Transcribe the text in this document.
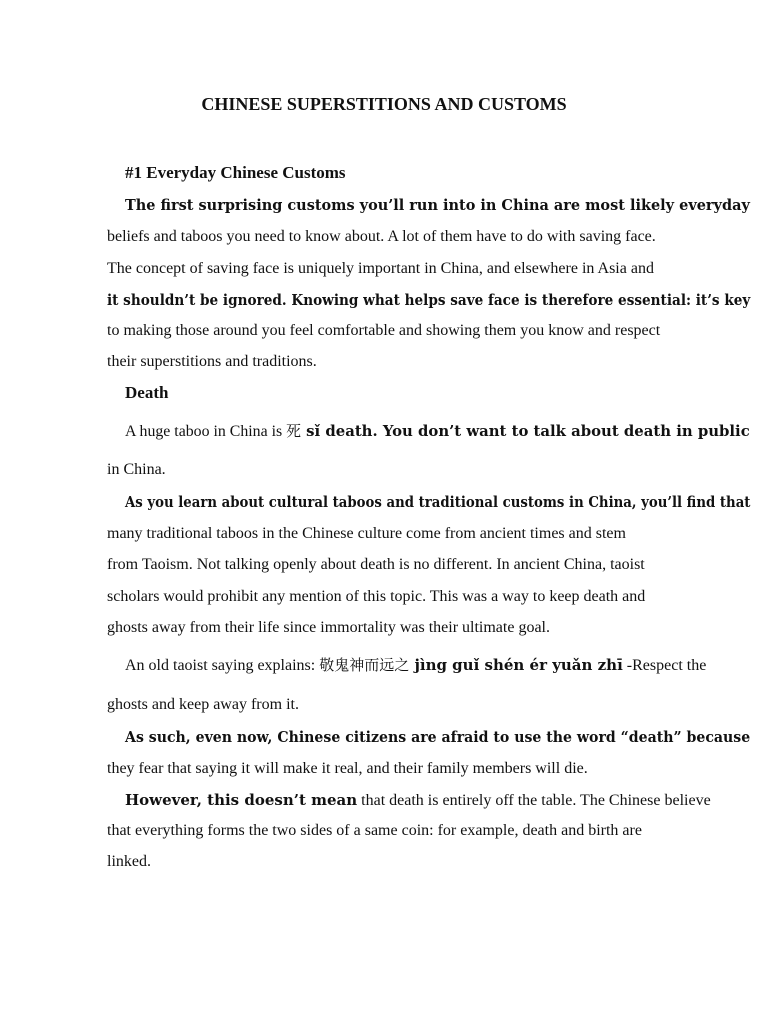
CHINESE SUPERSTITIONS AND CUSTOMS

#1 Everyday Chinese Customs

The first surprising customs you’ll run into in China are most likely everyday

beliefs and taboos you need to know about. A lot of them have to do with saving face.

The concept of saving face is uniquely important in China, and elsewhere in Asia and

it shouldn’t be ignored. Knowing what helps save face is therefore essential: it’s key

to making those around you feel comfortable and showing them you know and respect

their superstitions and traditions.

Death

A huge taboo in China is 死 sǐ death. You don’t want to talk about death in public

in China.

As you learn about cultural taboos and traditional customs in China, you’ll find that

many traditional taboos in the Chinese culture come from ancient times and stem

from Taoism. Not talking openly about death is no different. In ancient China, taoist

scholars would prohibit any mention of this topic. This was a way to keep death and

ghosts away from their life since immortality was their ultimate goal.

An old taoist saying explains: 敬鬼神而远之 jìng guǐ shén ér yuǎn zhī -Respect the

ghosts and keep away from it.

As such, even now, Chinese citizens are afraid to use the word “death” because

they fear that saying it will make it real, and their family members will die.

However, this doesn’t mean that death is entirely off the table. The Chinese believe

that everything forms the two sides of a same coin: for example, death and birth are

linked.
